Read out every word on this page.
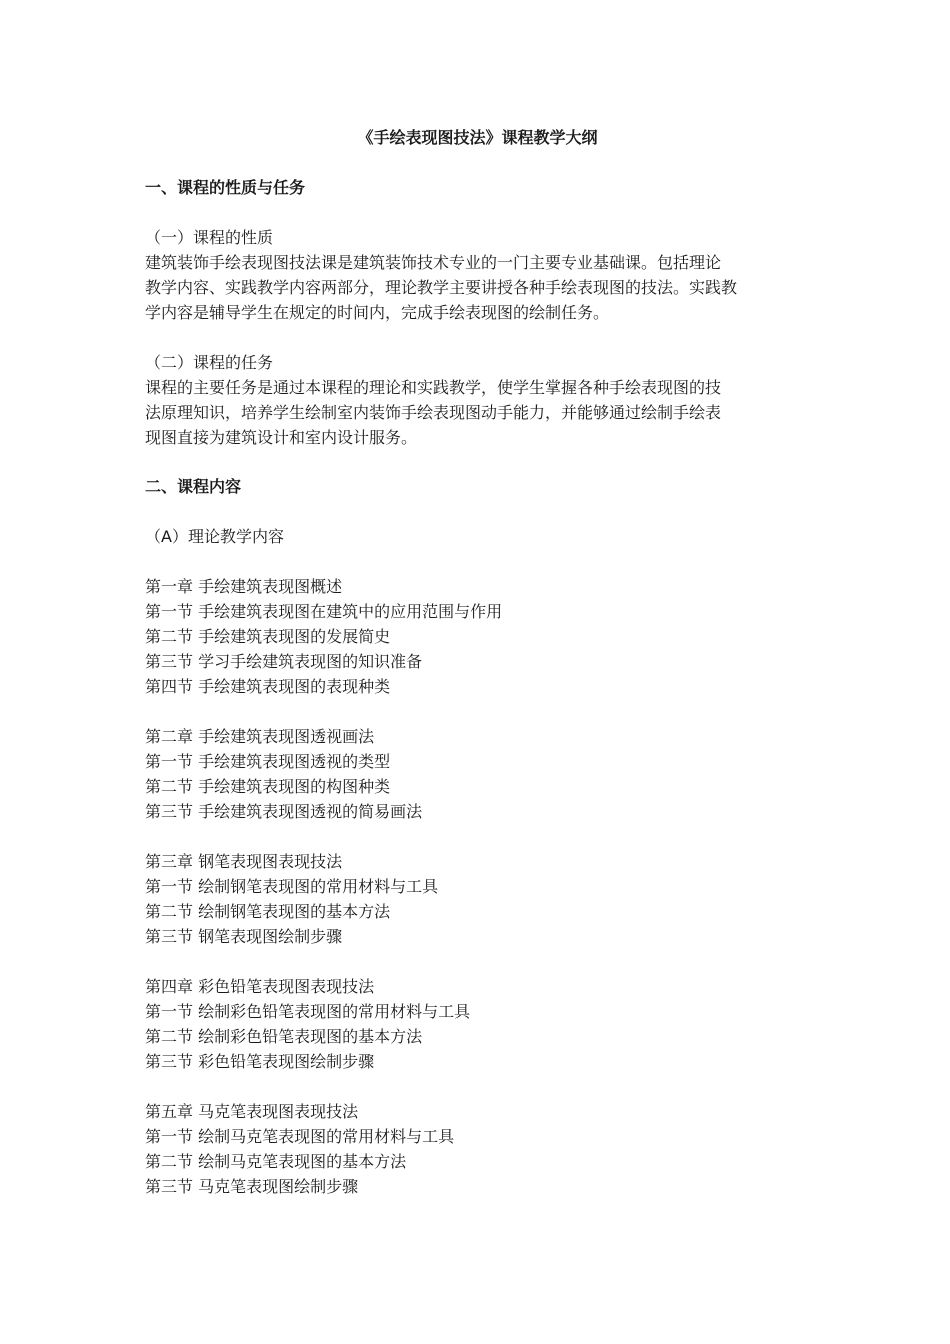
《手绘表现图技法》课程教学大纲
一、课程的性质与任务
（一）课程的性质
建筑装饰手绘表现图技法课是建筑装饰技术专业的一门主要专业基础课。包括理论
教学内容、实践教学内容两部分，理论教学主要讲授各种手绘表现图的技法。实践教
学内容是辅导学生在规定的时间内，完成手绘表现图的绘制任务。
（二）课程的任务
课程的主要任务是通过本课程的理论和实践教学，使学生掌握各种手绘表现图的技
法原理知识，培养学生绘制室内装饰手绘表现图动手能力，并能够通过绘制手绘表
现图直接为建筑设计和室内设计服务。
二、课程内容
（A）理论教学内容
第一章 手绘建筑表现图概述
第一节 手绘建筑表现图在建筑中的应用范围与作用
第二节 手绘建筑表现图的发展简史
第三节 学习手绘建筑表现图的知识准备
第四节 手绘建筑表现图的表现种类
第二章 手绘建筑表现图透视画法
第一节 手绘建筑表现图透视的类型
第二节 手绘建筑表现图的构图种类
第三节 手绘建筑表现图透视的简易画法
第三章 钢笔表现图表现技法
第一节 绘制钢笔表现图的常用材料与工具
第二节 绘制钢笔表现图的基本方法
第三节 钢笔表现图绘制步骤
第四章 彩色铅笔表现图表现技法
第一节 绘制彩色铅笔表现图的常用材料与工具
第二节 绘制彩色铅笔表现图的基本方法
第三节 彩色铅笔表现图绘制步骤
第五章 马克笔表现图表现技法
第一节 绘制马克笔表现图的常用材料与工具
第二节 绘制马克笔表现图的基本方法
第三节 马克笔表现图绘制步骤
